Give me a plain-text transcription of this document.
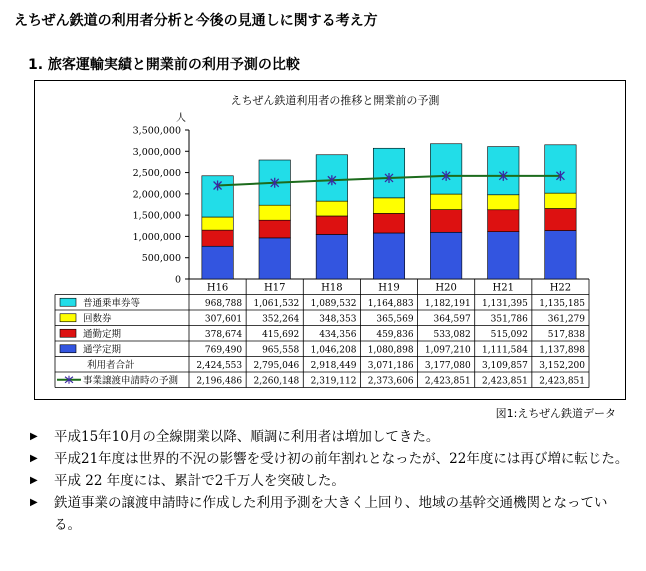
えちぜん鉄道の利用者分析と今後の見通しに関する考え方
1. 旅客運輸実績と開業前の利用予測の比較
えちぜん鉄道利用者の推移と開業前の予測
人
0
500,000
1,000,000
1,500,000
2,000,000
2,500,000
3,000,000
3,500,000
H16	H17	H18	H19	H20	H21	H22
普通乗車券等	968,788 1,061,532 1,089,532 1,164,883 1,182,191 1,131,395 1,135,185
回数券	307,601 352,264 348,353 365,569 364,597 351,786 361,279
通勤定期	378,674 415,692 434,356 459,836 533,082 515,092 517,838
通学定期	769,490 965,558 1,046,208 1,080,898 1,097,210 1,111,584 1,137,898
利用者合計	2,424,553 2,795,046 2,918,449 3,071,186 3,177,080 3,109,857 3,152,200
事業譲渡申請時の予測 2,196,486 2,260,148 2,319,112 2,373,606 2,423,851 2,423,851 2,423,851
図1:えちぜん鉄道データ
▶ 平成15年10月の全線開業以降、順調に利用者は増加してきた。
▶ 平成21年度は世界的不況の影響を受け初の前年割れとなったが、22年度には再び増に転じた。
▶ 平成 22 年度には、累計で2千万人を突破した。
▶ 鉄道事業の譲渡申請時に作成した利用予測を大きく上回り、地域の基幹交通機関となっている。
